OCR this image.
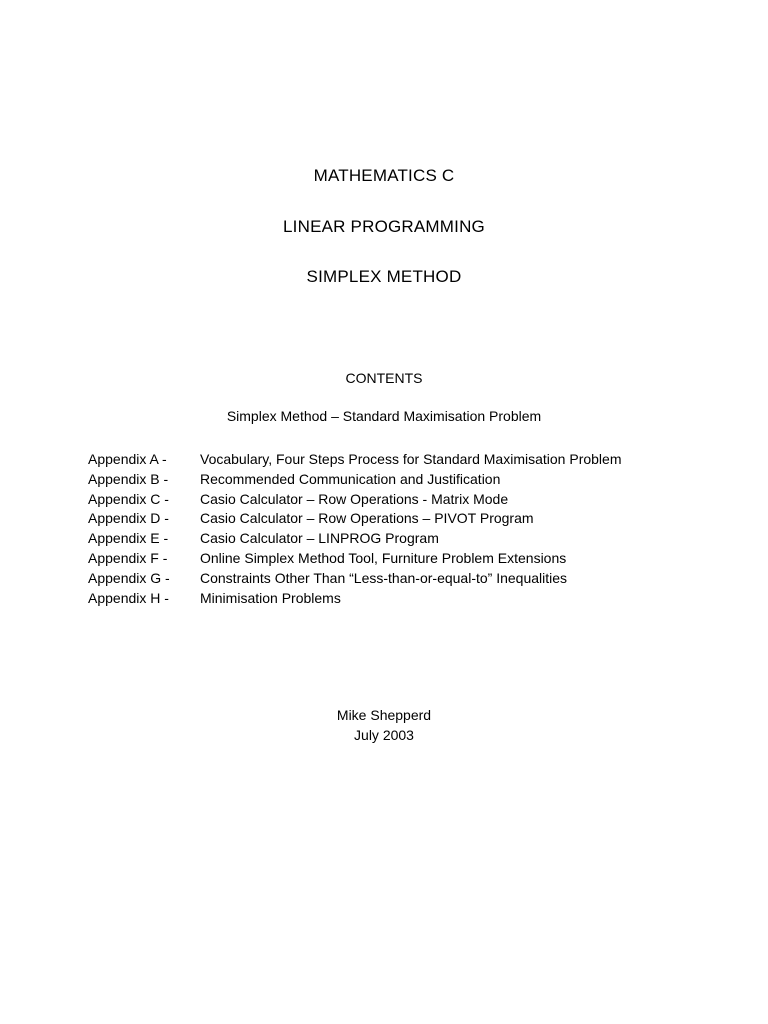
MATHEMATICS C
LINEAR PROGRAMMING
SIMPLEX METHOD
CONTENTS
Simplex Method – Standard Maximisation Problem
Appendix A - Vocabulary, Four Steps Process for Standard Maximisation Problem
Appendix B - Recommended Communication and Justification
Appendix C - Casio Calculator – Row Operations - Matrix Mode
Appendix D - Casio Calculator – Row Operations – PIVOT Program
Appendix E - Casio Calculator – LINPROG Program
Appendix F - Online Simplex Method Tool, Furniture Problem Extensions
Appendix G - Constraints Other Than “Less-than-or-equal-to” Inequalities
Appendix H - Minimisation Problems
Mike Shepperd
July 2003
